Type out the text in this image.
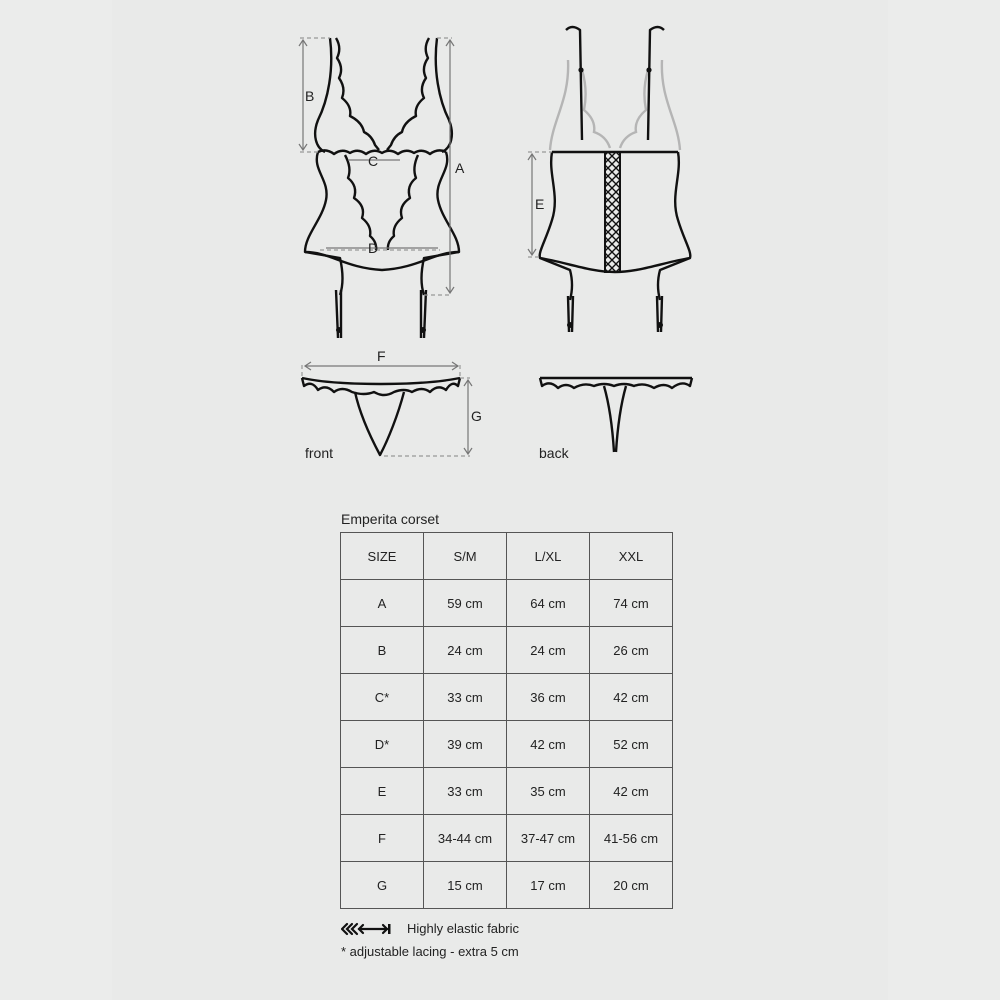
B
C
D
A
E
F
G
front	back
Emperita corset
SIZE	S/M	L/XL	XXL
A	59 cm	64 cm	74 cm
B	24 cm	24 cm	26 cm
C*	33 cm	36 cm	42 cm
D*	39 cm	42 cm	52 cm
E	33 cm	35 cm	42 cm
F	34-44 cm	37-47 cm	41-56 cm
G	15 cm	17 cm	20 cm
Highly elastic fabric
* adjustable lacing - extra 5 cm
